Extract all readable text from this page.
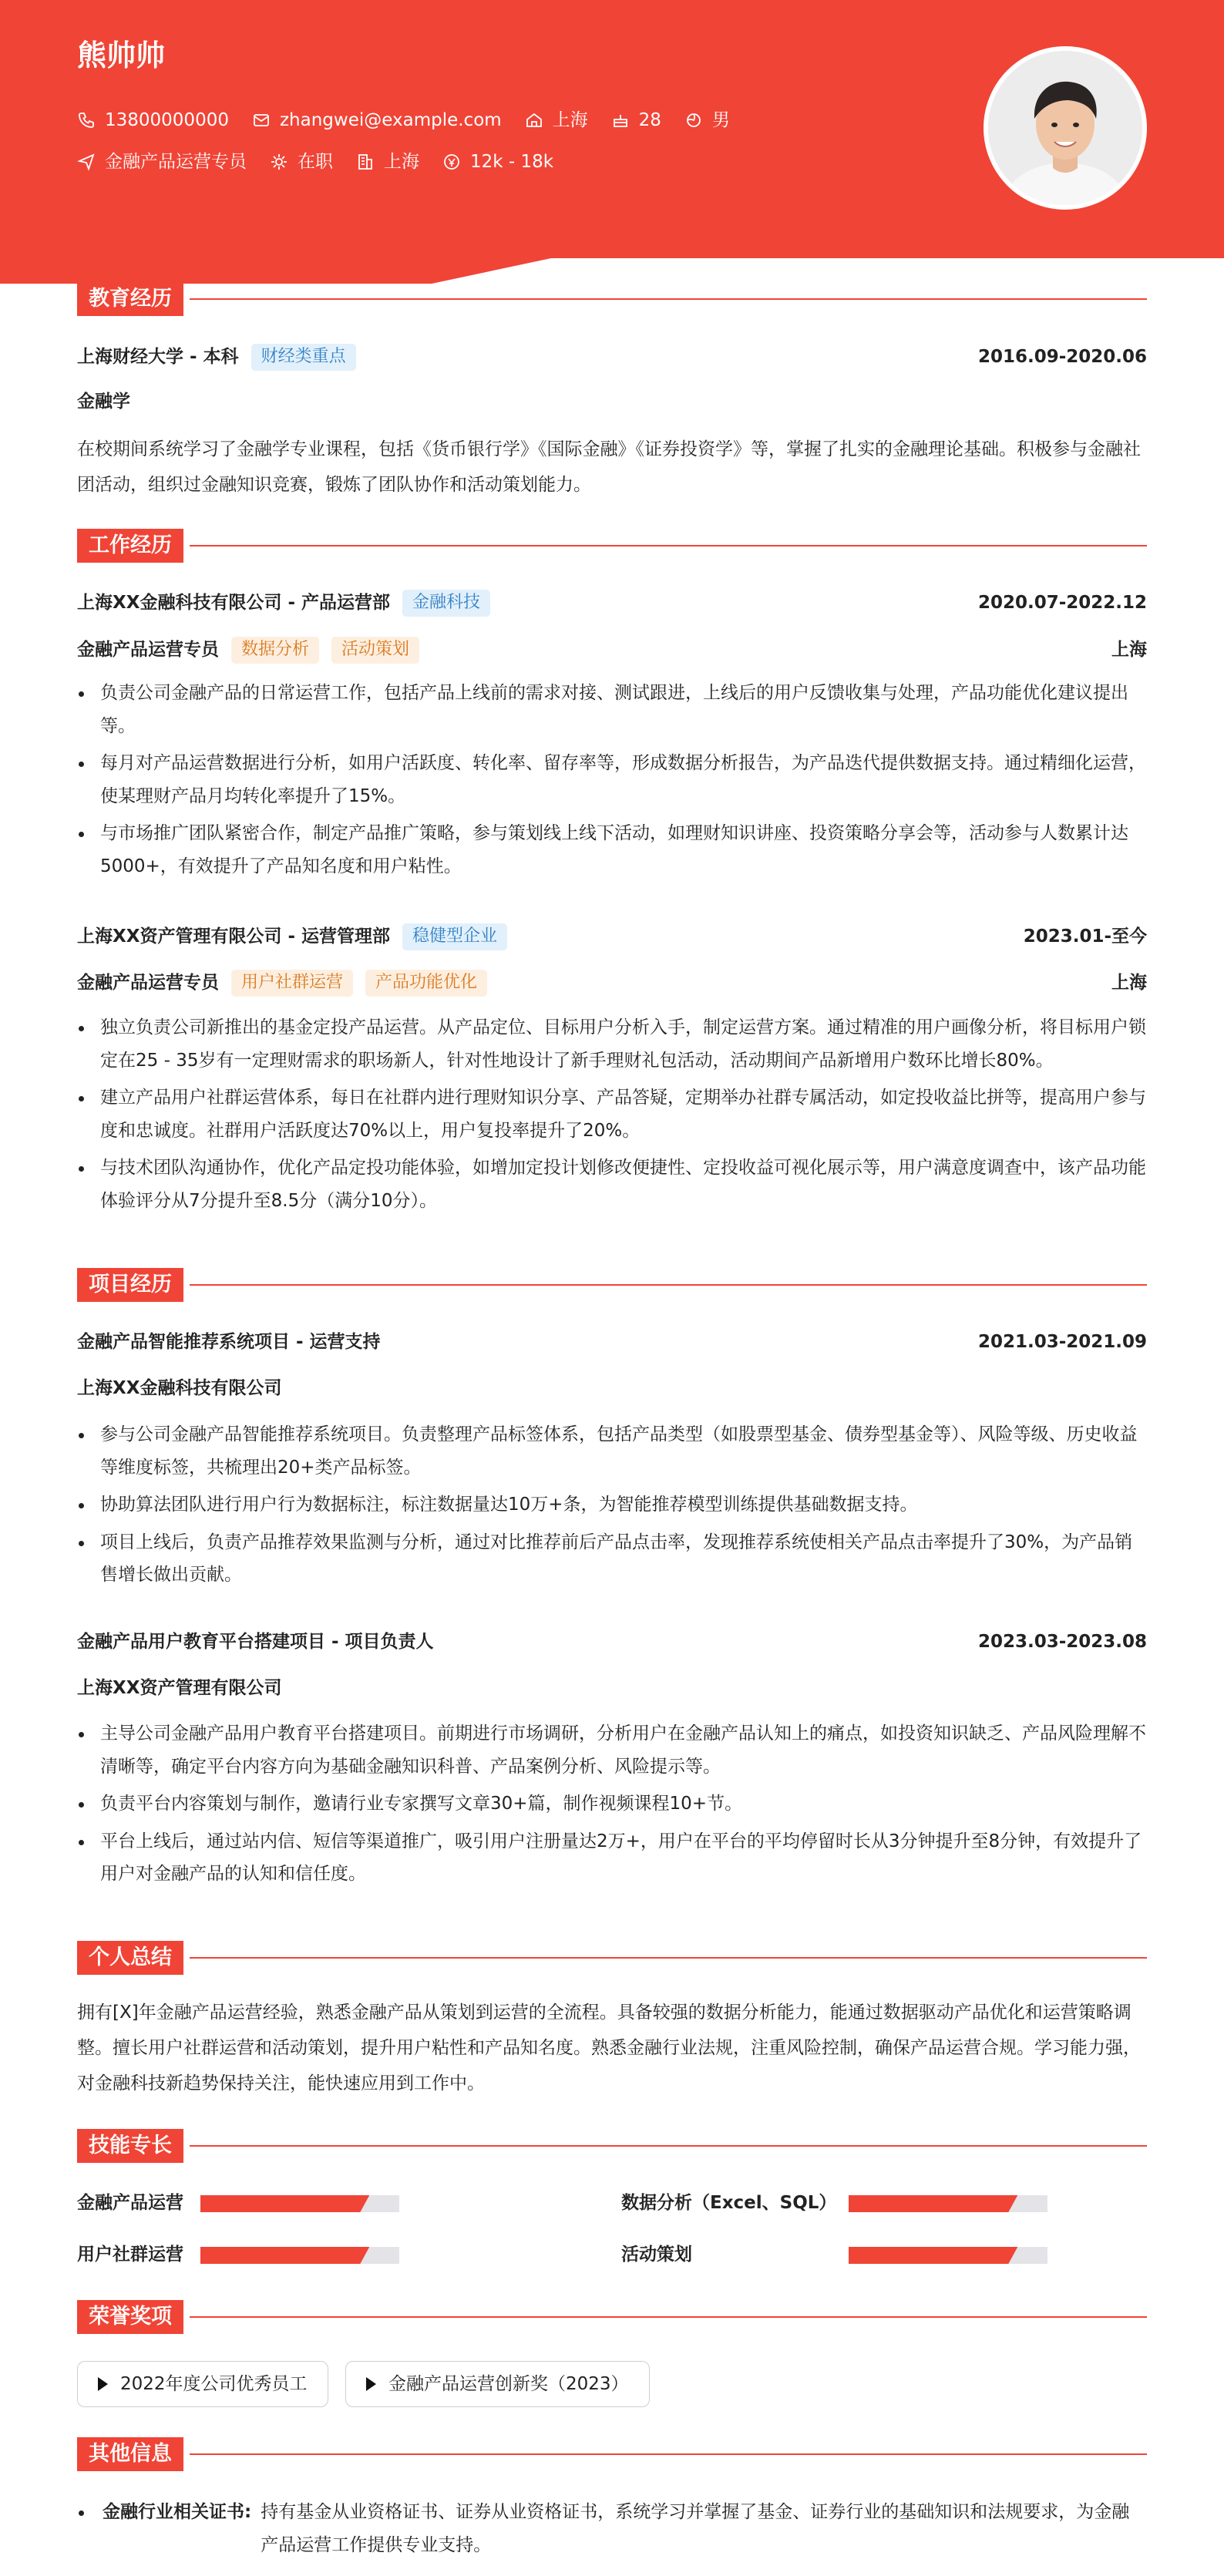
熊帅帅
13800000000	zhangwei@example.com	上海	28	男
金融产品运营专员	在职	上海	12k - 18k
教育经历
上海财经大学 - 本科	财经类重点	2016.09-2020.06
金融学
在校期间系统学习了金融学专业课程，包括《货币银行学》《国际金融》《证券投资学》等，掌握了扎实的金融理论基础。积极参与金融社团活动，组织过金融知识竞赛，锻炼了团队协作和活动策划能力。
工作经历
上海XX金融科技有限公司 - 产品运营部	金融科技	2020.07-2022.12
金融产品运营专员	数据分析	活动策划	上海
负责公司金融产品的日常运营工作，包括产品上线前的需求对接、测试跟进，上线后的用户反馈收集与处理，产品功能优化建议提出等。
每月对产品运营数据进行分析，如用户活跃度、转化率、留存率等，形成数据分析报告，为产品迭代提供数据支持。通过精细化运营，使某理财产品月均转化率提升了15%。
与市场推广团队紧密合作，制定产品推广策略，参与策划线上线下活动，如理财知识讲座、投资策略分享会等，活动参与人数累计达5000+，有效提升了产品知名度和用户粘性。
上海XX资产管理有限公司 - 运营管理部	稳健型企业	2023.01-至今
金融产品运营专员	用户社群运营	产品功能优化	上海
独立负责公司新推出的基金定投产品运营。从产品定位、目标用户分析入手，制定运营方案。通过精准的用户画像分析，将目标用户锁定在25 - 35岁有一定理财需求的职场新人，针对性地设计了新手理财礼包活动，活动期间产品新增用户数环比增长80%。
建立产品用户社群运营体系，每日在社群内进行理财知识分享、产品答疑，定期举办社群专属活动，如定投收益比拼等，提高用户参与度和忠诚度。社群用户活跃度达70%以上，用户复投率提升了20%。
与技术团队沟通协作，优化产品定投功能体验，如增加定投计划修改便捷性、定投收益可视化展示等，用户满意度调查中，该产品功能体验评分从7分提升至8.5分（满分10分）。
项目经历
金融产品智能推荐系统项目 - 运营支持	2021.03-2021.09
上海XX金融科技有限公司
参与公司金融产品智能推荐系统项目。负责整理产品标签体系，包括产品类型（如股票型基金、债券型基金等）、风险等级、历史收益等维度标签，共梳理出20+类产品标签。
协助算法团队进行用户行为数据标注，标注数据量达10万+条，为智能推荐模型训练提供基础数据支持。
项目上线后，负责产品推荐效果监测与分析，通过对比推荐前后产品点击率，发现推荐系统使相关产品点击率提升了30%，为产品销售增长做出贡献。
金融产品用户教育平台搭建项目 - 项目负责人	2023.03-2023.08
上海XX资产管理有限公司
主导公司金融产品用户教育平台搭建项目。前期进行市场调研，分析用户在金融产品认知上的痛点，如投资知识缺乏、产品风险理解不清晰等，确定平台内容方向为基础金融知识科普、产品案例分析、风险提示等。
负责平台内容策划与制作，邀请行业专家撰写文章30+篇，制作视频课程10+节。
平台上线后，通过站内信、短信等渠道推广，吸引用户注册量达2万+，用户在平台的平均停留时长从3分钟提升至8分钟，有效提升了用户对金融产品的认知和信任度。
个人总结
拥有[X]年金融产品运营经验，熟悉金融产品从策划到运营的全流程。具备较强的数据分析能力，能通过数据驱动产品优化和运营策略调整。擅长用户社群运营和活动策划，提升用户粘性和产品知名度。熟悉金融行业法规，注重风险控制，确保产品运营合规。学习能力强，对金融科技新趋势保持关注，能快速应用到工作中。
技能专长
金融产品运营	数据分析（Excel、SQL）
用户社群运营	活动策划
荣誉奖项
2022年度公司优秀员工	金融产品运营创新奖（2023）
其他信息
金融行业相关证书: 持有基金从业资格证书、证券从业资格证书，系统学习并掌握了基金、证券行业的基础知识和法规要求，为金融产品运营工作提供专业支持。
